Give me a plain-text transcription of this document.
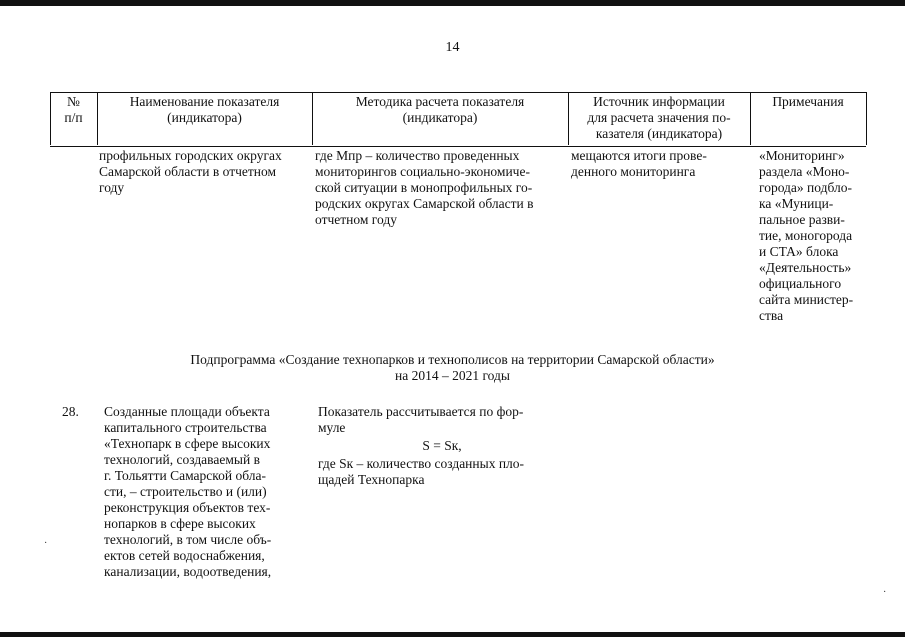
14
№
п/п
Наименование показателя
(индикатора)
Методика расчета показателя
(индикатора)
Источник информации
для расчета значения по-
казателя (индикатора)
Примечания
профильных городских округах
Самарской области в отчетном
году
где Мпр – количество проведенных
мониторингов социально-экономиче-
ской ситуации в монопрофильных го-
родских округах Самарской области в
отчетном году
мещаются итоги прове-
денного мониторинга
«Мониторинг»
раздела «Моно-
города» подбло-
ка «Муници-
пальное разви-
тие, моногорода
и СТА» блока
«Деятельность»
официального
сайта министер-
ства
Подпрограмма «Создание технопарков и технополисов на территории Самарской области»
на 2014 – 2021 годы
28.	Созданные площади объекта
капитального строительства
«Технопарк в сфере высоких
технологий, создаваемый в
г. Тольятти Самарской обла-
сти, – строительство и (или)
реконструкция объектов тех-
нопарков в сфере высоких
технологий, в том числе объ-
ектов сетей водоснабжения,
канализации, водоотведения,
Показатель рассчитывается по фор-
муле
S = Sк,
где Sк – количество созданных пло-
щадей Технопарка
·
·
